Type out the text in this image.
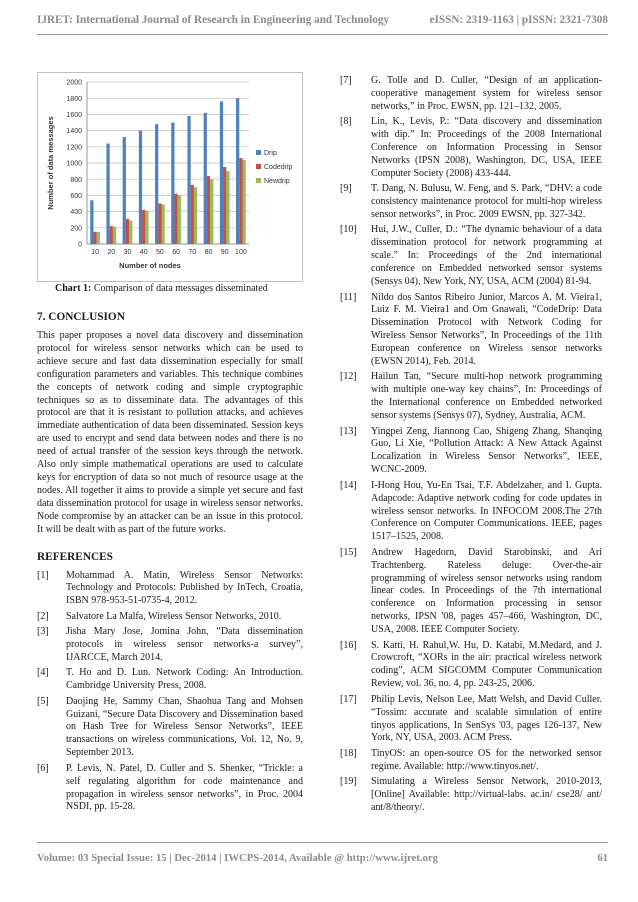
IJRET: International Journal of Research in Engineering and Technology	eISSN: 2319-1163 | pISSN: 2321-7308
0
200
400
600
800
1000
1200
1400
1600
1800
2000
10 20 30 40 50 60 70 80 90 100
Number of nodes
Number of data messages	Drip
Codedrip
Newdrip
Chart 1: Comparison of data messages disseminated
7. CONCLUSION

This paper proposes a novel data discovery and dissemination protocol for wireless sensor networks which can be used to achieve secure and fast data dissemination especially for small configuration parameters and variables. This technique combines the concepts of network coding and simple cryptographic techniques so as to disseminate data. The advantages of this protocol are that it is resistant to pollution attacks, and achieves immediate authentication of data been disseminated. Session keys are used to encrypt and send data between nodes and there is no need of actual transfer of the session keys through the network. Also only simple mathematical operations are used to calculate keys for encryption of data so not much of resource usage at the nodes. All together it aims to provide a simple yet secure and fast data dissemination protocol for usage in wireless sensor networks. Node compromise by an attacker can be an issue in this protocol. It will be dealt with as part of the future works.

REFERENCES
[1] Mohammad A. Matin, Wireless Sensor Networks: Technology and Protocols: Published by InTech, Croatia, ISBN 978-953-51-0735-4, 2012.
[2] Salvatore La Malfa, Wireless Sensor Networks, 2010.
[3] Jisha Mary Jose, Jomina John, “Data dissemination protocols in wireless sensor networks-a survey”, IJARCCE, March 2014.
[4] T. Ho and D. Lun. Network Coding: An Introduction. Cambridge University Press, 2008.
[5] Daojing He, Sammy Chan, Shaohua Tang and Mohsen Guizani, “Secure Data Discovery and Dissemination based on Hash Tree for Wireless Sensor Networks”, IEEE transactions on wireless communications, Vol. 12, No. 9, September 2013.
[6] P. Levis, N. Patel, D. Culler and S. Shenker, “Trickle: a self regulating algorithm for code maintenance and propagation in wireless sensor networks”, in Proc. 2004 NSDI, pp. 15-28.
[7] G. Tolle and D. Culler, “Design of an application-cooperative management system for wireless sensor networks,” in Proc. EWSN, pp. 121–132, 2005.
[8] Lin, K., Levis, P.: “Data discovery and dissemination with dip.” In: Proceedings of the 2008 International Conference on Information Processing in Sensor Networks (IPSN 2008), Washington, DC, USA, IEEE Computer Society (2008) 433-444.
[9] T. Dang, N. Bulusu, W. Feng, and S. Park, “DHV: a code consistency maintenance protocol for multi-hop wireless sensor networks”, in Proc. 2009 EWSN, pp. 327-342.
[10] Hui, J.W., Culler, D.: “The dynamic behaviour of a data dissemination protocol for network programming at scale.” In: Proceedings of the 2nd international conference on Embedded networked sensor systems (Sensys 04), New York, NY, USA, ACM (2004) 81-94.
[11] Nildo dos Santos Ribeiro Junior, Marcos A. M. Vieira1, Luiz F. M. Vieira1 and Om Gnawali, “CodeDrip: Data Dissemination Protocol with Network Coding for Wireless Sensor Networks”, In Proceedings of the 11th European conference on Wireless sensor networks (EWSN 2014), Feb. 2014.
[12] Hailun Tan, “Secure multi-hop network programming with multiple one-way key chains”, In: Proceedings of the International conference on Embedded networked sensor systems (Sensys 07), Sydney, Australia, ACM.
[13] Yingpei Zeng, Jiannong Cao, Shigeng Zhang, Shanqing Guo, Li Xie, “Pollution Attack: A New Attack Against Localization in Wireless Sensor Networks”, IEEE, WCNC-2009.
[14] I-Hong Hou, Yu-En Tsai, T.F. Abdelzaher, and I. Gupta. Adapcode: Adaptive network coding for code updates in wireless sensor networks. In INFOCOM 2008.The 27th Conference on Computer Communications. IEEE, pages 1517–1525, 2008.
[15] Andrew Hagedorn, David Starobinski, and Ari Trachtenberg. Rateless deluge: Over-the-air programming of wireless sensor networks using random linear codes. In Proceedings of the 7th international conference on Information processing in sensor networks, IPSN '08, pages 457–466, Washington, DC, USA, 2008. IEEE Computer Society.
[16] S. Katti, H. Rahul,W. Hu, D. Katabi, M.Medard, and J. Crowcroft, “XORs in the air: practical wireless network coding”, ACM SIGCOMM Computer Communication Review, vol. 36, no. 4, pp. 243-25, 2006.
[17] Philip Levis, Nelson Lee, Matt Welsh, and David Culler. “Tossim: accurate and scalable simulation of entire tinyos applications, In SenSys '03, pages 126-137, New York, NY, USA, 2003. ACM Press.
[18] TinyOS: an open-source OS for the networked sensor regime. Available: http://www.tinyos.net/.
[19] Simulating a Wireless Sensor Network, 2010-2013, [Online] Available: http://virtual-labs. ac.in/ cse28/ ant/ ant/8/theory/.
Volume: 03 Special Issue: 15 | Dec-2014 | IWCPS-2014, Available @ http://www.ijret.org	61
